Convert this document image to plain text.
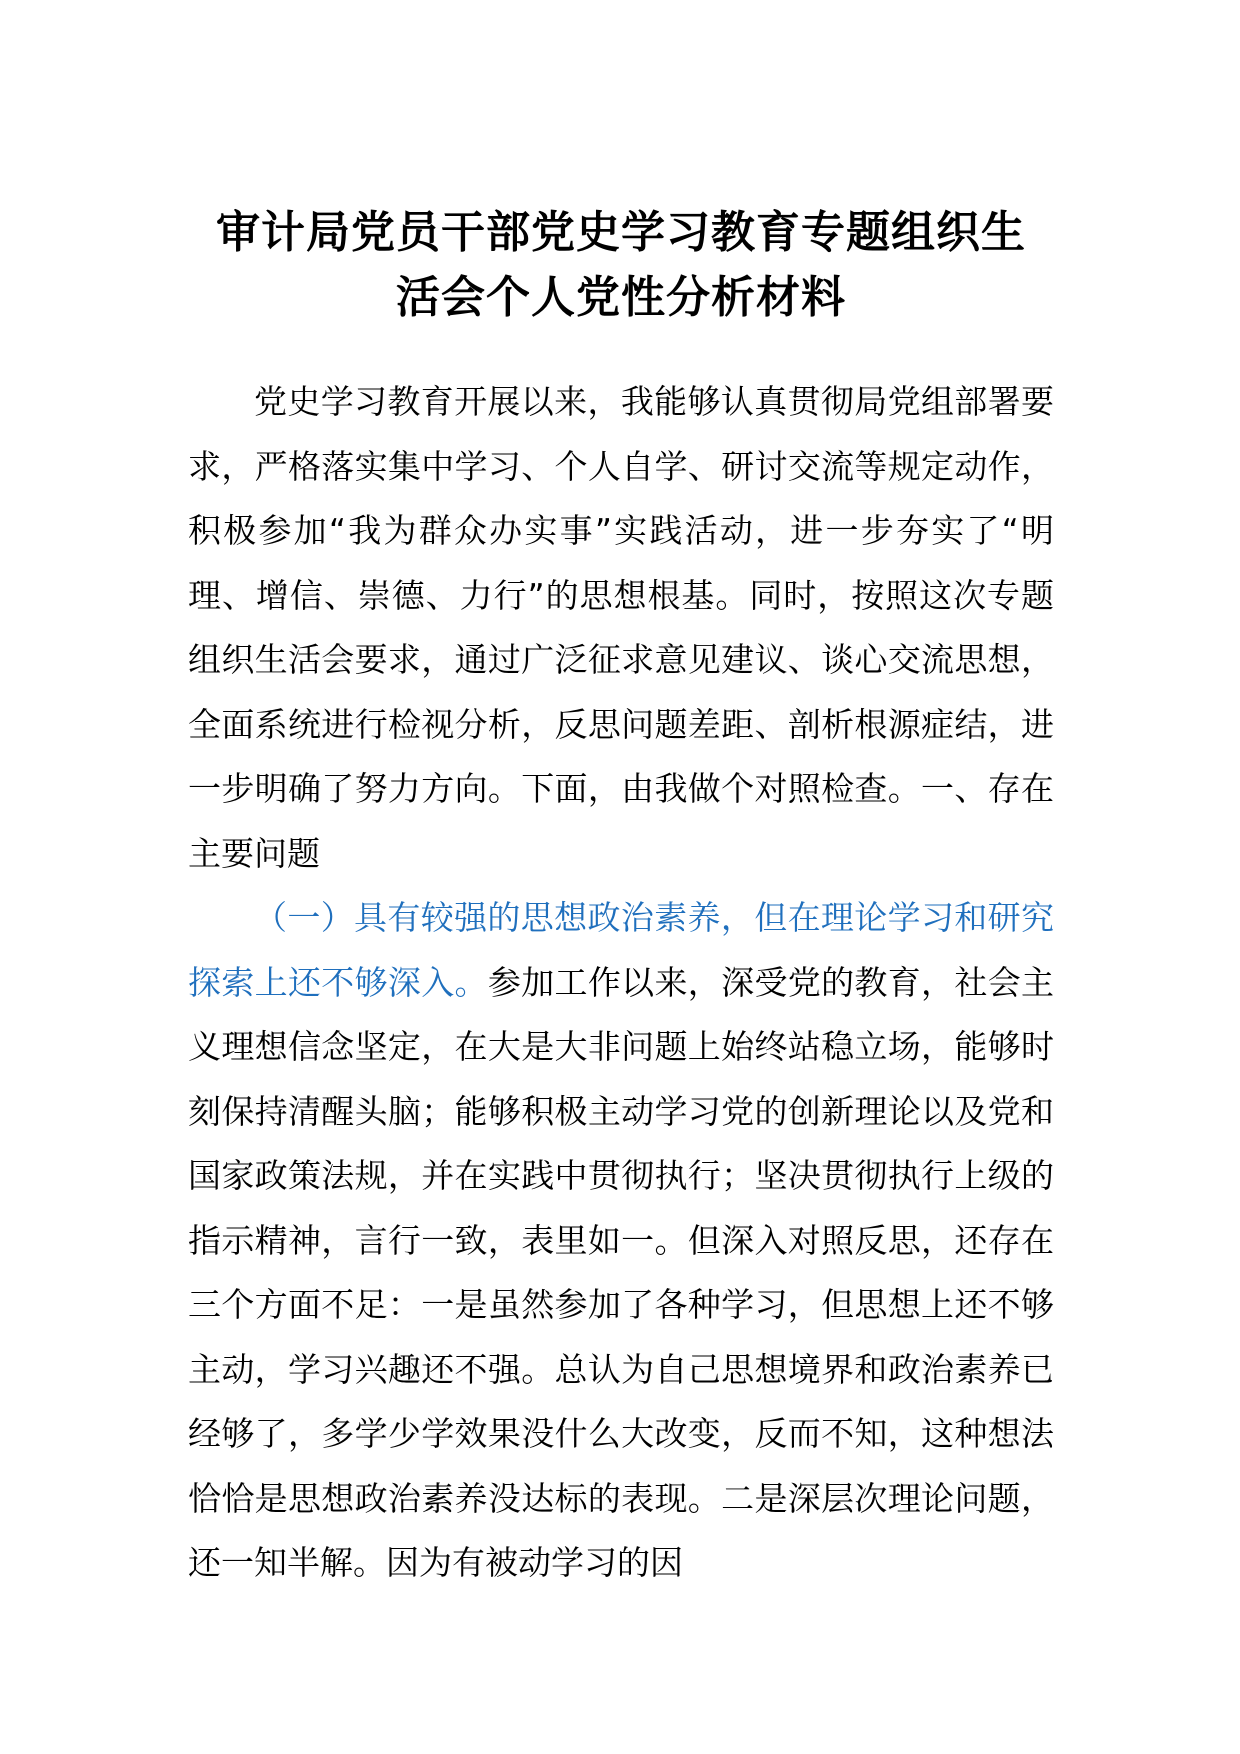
审计局党员干部党史学习教育专题组织生
活会个人党性分析材料

党史学习教育开展以来，我能够认真贯彻局党组部署要求，严格落实集中学习、个人自学、研讨交流等规定动作，积极参加“我为群众办实事”实践活动，进一步夯实了“明理、增信、崇德、力行”的思想根基。同时，按照这次专题组织生活会要求，通过广泛征求意见建议、谈心交流思想，全面系统进行检视分析，反思问题差距、剖析根源症结，进一步明确了努力方向。下面，由我做个对照检查。一、存在主要问题

（一）具有较强的思想政治素养，但在理论学习和研究探索上还不够深入。参加工作以来，深受党的教育，社会主义理想信念坚定，在大是大非问题上始终站稳立场，能够时刻保持清醒头脑；能够积极主动学习党的创新理论以及党和国家政策法规，并在实践中贯彻执行；坚决贯彻执行上级的指示精神，言行一致，表里如一。但深入对照反思，还存在三个方面不足：一是虽然参加了各种学习，但思想上还不够主动，学习兴趣还不强。总认为自己思想境界和政治素养已经够了，多学少学效果没什么大改变，反而不知，这种想法恰恰是思想政治素养没达标的表现。二是深层次理论问题，还一知半解。因为有被动学习的因
